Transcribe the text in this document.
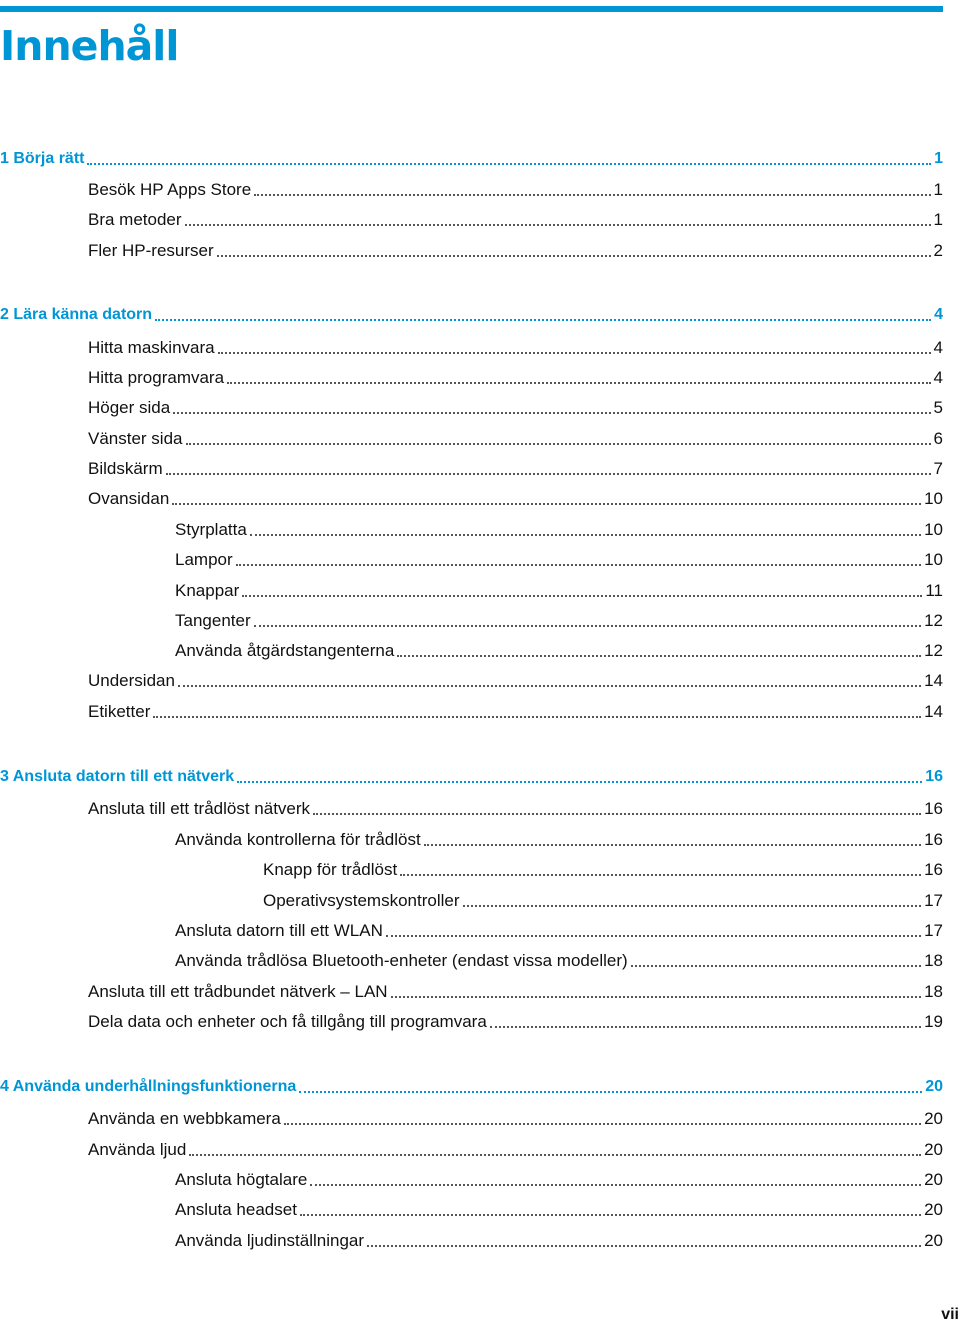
Innehåll
1 Börja rätt	1
Besök HP Apps Store	1
Bra metoder	1
Fler HP-resurser	2
2 Lära känna datorn	4
Hitta maskinvara	4
Hitta programvara	4
Höger sida	5
Vänster sida	6
Bildskärm	7
Ovansidan	10
Styrplatta	10
Lampor	10
Knappar	11
Tangenter	12
Använda åtgärdstangenterna	12
Undersidan	14
Etiketter	14
3 Ansluta datorn till ett nätverk	16
Ansluta till ett trådlöst nätverk	16
Använda kontrollerna för trådlöst	16
Knapp för trådlöst	16
Operativsystemskontroller	17
Ansluta datorn till ett WLAN	17
Använda trådlösa Bluetooth-enheter (endast vissa modeller)	18
Ansluta till ett trådbundet nätverk – LAN	18
Dela data och enheter och få tillgång till programvara	19
4 Använda underhållningsfunktionerna	20
Använda en webbkamera	20
Använda ljud	20
Ansluta högtalare	20
Ansluta headset	20
Använda ljudinställningar	20
vii
